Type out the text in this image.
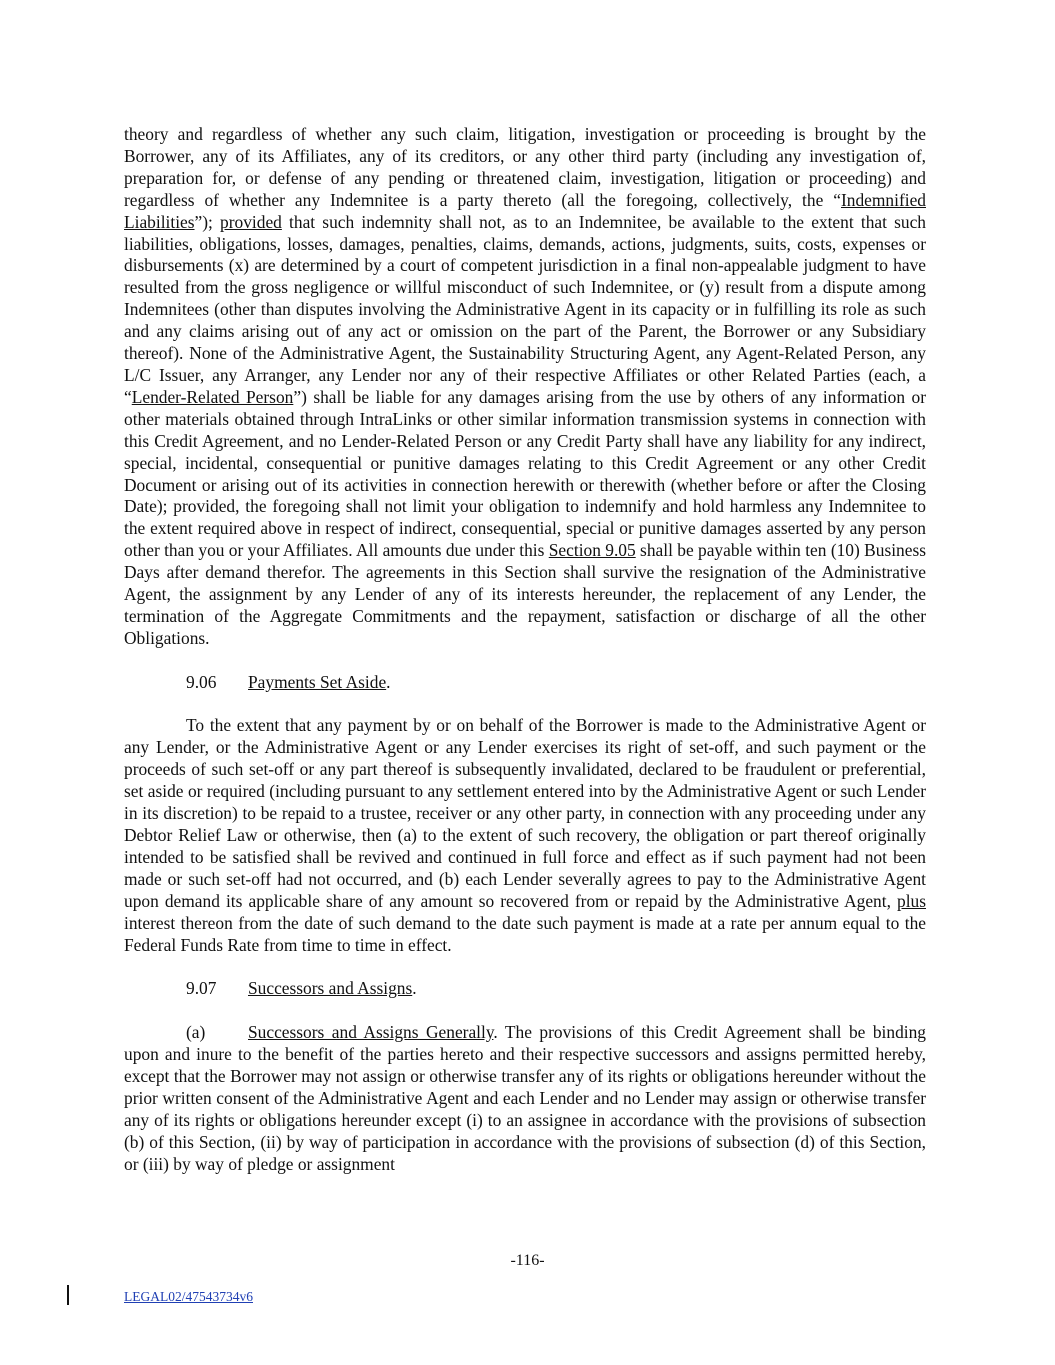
theory and regardless of whether any such claim, litigation, investigation or proceeding is brought by the Borrower, any of its Affiliates, any of its creditors, or any other third party (including any investigation of, preparation for, or defense of any pending or threatened claim, investigation, litigation or proceeding) and regardless of whether any Indemnitee is a party thereto (all the foregoing, collectively, the “Indemnified Liabilities”); provided that such indemnity shall not, as to an Indemnitee, be available to the extent that such liabilities, obligations, losses, damages, penalties, claims, demands, actions, judgments, suits, costs, expenses or disbursements (x) are determined by a court of competent jurisdiction in a final non-appealable judgment to have resulted from the gross negligence or willful misconduct of such Indemnitee, or (y) result from a dispute among Indemnitees (other than disputes involving the Administrative Agent in its capacity or in fulfilling its role as such and any claims arising out of any act or omission on the part of the Parent, the Borrower or any Subsidiary thereof). None of the Administrative Agent, the Sustainability Structuring Agent, any Agent-Related Person, any L/C Issuer, any Arranger, any Lender nor any of their respective Affiliates or other Related Parties (each, a “Lender-Related Person”) shall be liable for any damages arising from the use by others of any information or other materials obtained through IntraLinks or other similar information transmission systems in connection with this Credit Agreement, and no Lender-Related Person or any Credit Party shall have any liability for any indirect, special, incidental, consequential or punitive damages relating to this Credit Agreement or any other Credit Document or arising out of its activities in connection herewith or therewith (whether before or after the Closing Date); provided, the foregoing shall not limit your obligation to indemnify and hold harmless any Indemnitee to the extent required above in respect of indirect, consequential, special or punitive damages asserted by any person other than you or your Affiliates. All amounts due under this Section 9.05 shall be payable within ten (10) Business Days after demand therefor. The agreements in this Section shall survive the resignation of the Administrative Agent, the assignment by any Lender of any of its interests hereunder, the replacement of any Lender, the termination of the Aggregate Commitments and the repayment, satisfaction or discharge of all the other Obligations.

9.06 Payments Set Aside.

To the extent that any payment by or on behalf of the Borrower is made to the Administrative Agent or any Lender, or the Administrative Agent or any Lender exercises its right of set-off, and such payment or the proceeds of such set-off or any part thereof is subsequently invalidated, declared to be fraudulent or preferential, set aside or required (including pursuant to any settlement entered into by the Administrative Agent or such Lender in its discretion) to be repaid to a trustee, receiver or any other party, in connection with any proceeding under any Debtor Relief Law or otherwise, then (a) to the extent of such recovery, the obligation or part thereof originally intended to be satisfied shall be revived and continued in full force and effect as if such payment had not been made or such set-off had not occurred, and (b) each Lender severally agrees to pay to the Administrative Agent upon demand its applicable share of any amount so recovered from or repaid by the Administrative Agent, plus interest thereon from the date of such demand to the date such payment is made at a rate per annum equal to the Federal Funds Rate from time to time in effect.

9.07 Successors and Assigns.

(a) Successors and Assigns Generally. The provisions of this Credit Agreement shall be binding upon and inure to the benefit of the parties hereto and their respective successors and assigns permitted hereby, except that the Borrower may not assign or otherwise transfer any of its rights or obligations hereunder without the prior written consent of the Administrative Agent and each Lender and no Lender may assign or otherwise transfer any of its rights or obligations hereunder except (i) to an assignee in accordance with the provisions of subsection (b) of this Section, (ii) by way of participation in accordance with the provisions of subsection (d) of this Section, or (iii) by way of pledge or assignment

-116-
LEGAL02/47543734v6
